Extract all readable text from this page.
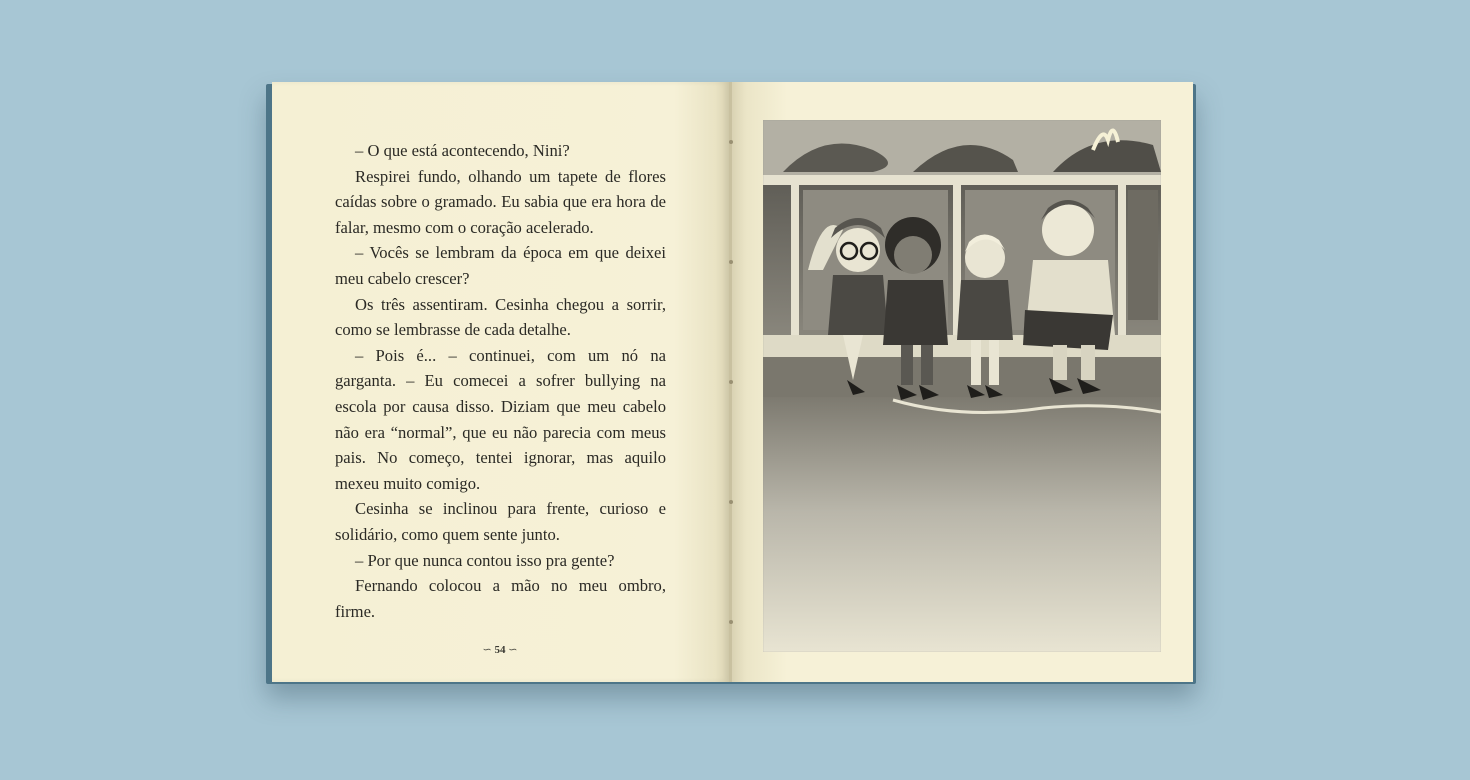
– O que está acontecendo, Nini?

Respirei fundo, olhando um tapete de flores caídas sobre o gramado. Eu sabia que era hora de falar, mesmo com o coração acelerado.

– Vocês se lembram da época em que deixei meu cabelo crescer?

Os três assentiram. Cesinha chegou a sorrir, como se lembrasse de cada detalhe.

– Pois é... – continuei, com um nó na garganta. – Eu comecei a sofrer bullying na escola por causa disso. Diziam que meu cabelo não era “normal”, que eu não parecia com meus pais. No começo, tentei ignorar, mas aquilo mexeu muito comigo.

Cesinha se inclinou para frente, curioso e solidário, como quem sente junto.

– Por que nunca contou isso pra gente?

Fernando colocou a mão no meu ombro, firme.

∽ 54 ∽
